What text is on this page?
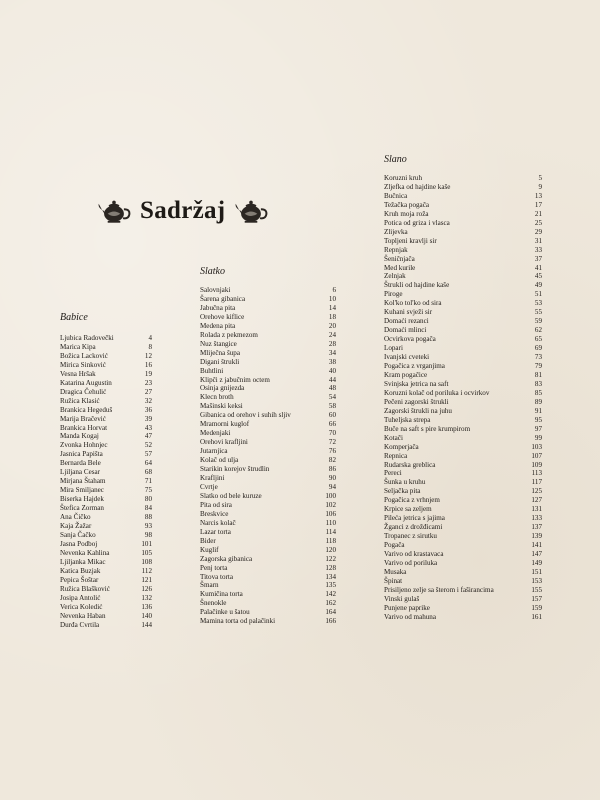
Sadržaj
Babice
Ljubica Radovečki	4
Marica Kipa	8
Božica Lacković	12
Mirica Sinković	16
Vesna Hršak	19
Katarina Augustin	23
Dragica Čehulić	27
Ružica Klasić	32
Brankica Hegeduš	36
Marija Bračević	39
Brankica Horvat	43
Manda Kogaj	47
Zvonka Hohnjec	52
Jasnica Papišta	57
Bernarda Bele	64
Ljiljana Cesar	68
Mirjana Štaham	71
Mira Smiljanec	75
Biserka Hajdek	80
Štefica Zorman	84
Ana Čičko	88
Kaja Žažar	93
Sanja Čačko	98
Jasna Podboj	101
Nevenka Kahlina	105
Ljiljanka Mikac	108
Katica Buzjak	112
Pepica Šoštar	121
Ružica Blašković	126
Josipa Antolić	132
Verica Koledić	136
Nevenka Haban	140
Durđa Cvrtila	144
Slatko
Salovnjaki	6
Šarena gibanica	10
Jabučna pita	14
Orehove kiflice	18
Medena pita	20
Rolada z pekmezom	24
Nuz štangice	28
Mliječna šupa	34
Digani štrukli	38
Buhtlini	40
Klipči z jabučnim octem	44
Osinja gnijezda	48
Klecn broth	54
Mašinski keksi	58
Gibanica od orehov i suhih sljiv	60
Mramorni kuglof	66
Medenjaki	70
Orehovi krafljini	72
Jutarnjica	76
Kolač od ulja	82
Starikin korejov štrudlin	86
Krafljini	90
Cvrtje	94
Slatko od bele kuruze	100
Pita od sira	102
Breskvice	106
Narcis kolač	110
Lazar torta	114
Bider	118
Kuglif	120
Zagorska gibanica	122
Penj torta	128
Titova torta	134
Šmarn	135
Kumičina torta	142
Šnenokle	162
Palačinke u šatou	164
Mamina torta od palačinki	166
Slano
Koruzni kruh	5
Zljefka od hajdine kaše	9
Bučnica	13
Težačka pogača	17
Kruh moja roža	21
Potica od griza i vlasca	25
Zlijevka	29
Topljeni kravlji sir	31
Repnjak	33
Šeničnjača	37
Med kurile	41
Zelnjak	45
Štrukli od hajdine kaše	49
Piroge	51
Kol'ko tol'ko od sira	53
Kuhani svježi sir	55
Domaći rezanci	59
Domaći mlinci	62
Ocvirkova pogača	65
Lopari	69
Ivanjski cveteki	73
Pogačica z vrganjima	79
Kram pogačice	81
Svinjska jetrica na saft	83
Koruzni kolač od poriluka i ocvirkov	85
Pečeni zagorski štrukli	89
Zagorski štrukli na juhu	91
Tuheljska strepa	95
Buče na saft s pire krumpirom	97
Kotači	99
Komperjača	103
Repnica	107
Rudarska greblica	109
Pereci	113
Šunka u kruhu	117
Seljačka pita	125
Pogačica z vrhnjem	127
Krpice sa zeljem	131
Pileća jetrica s jajima	133
Žganci z drožđicami	137
Tropanec z sirutku	139
Pogača	141
Varivo od krastavaca	147
Varivo od poriluka	149
Musaka	151
Špinat	153
Prisiljeno zelje sa šterom i faširancima	155
Vinski gulaš	157
Punjene paprike	159
Varivo od mahuna	161
